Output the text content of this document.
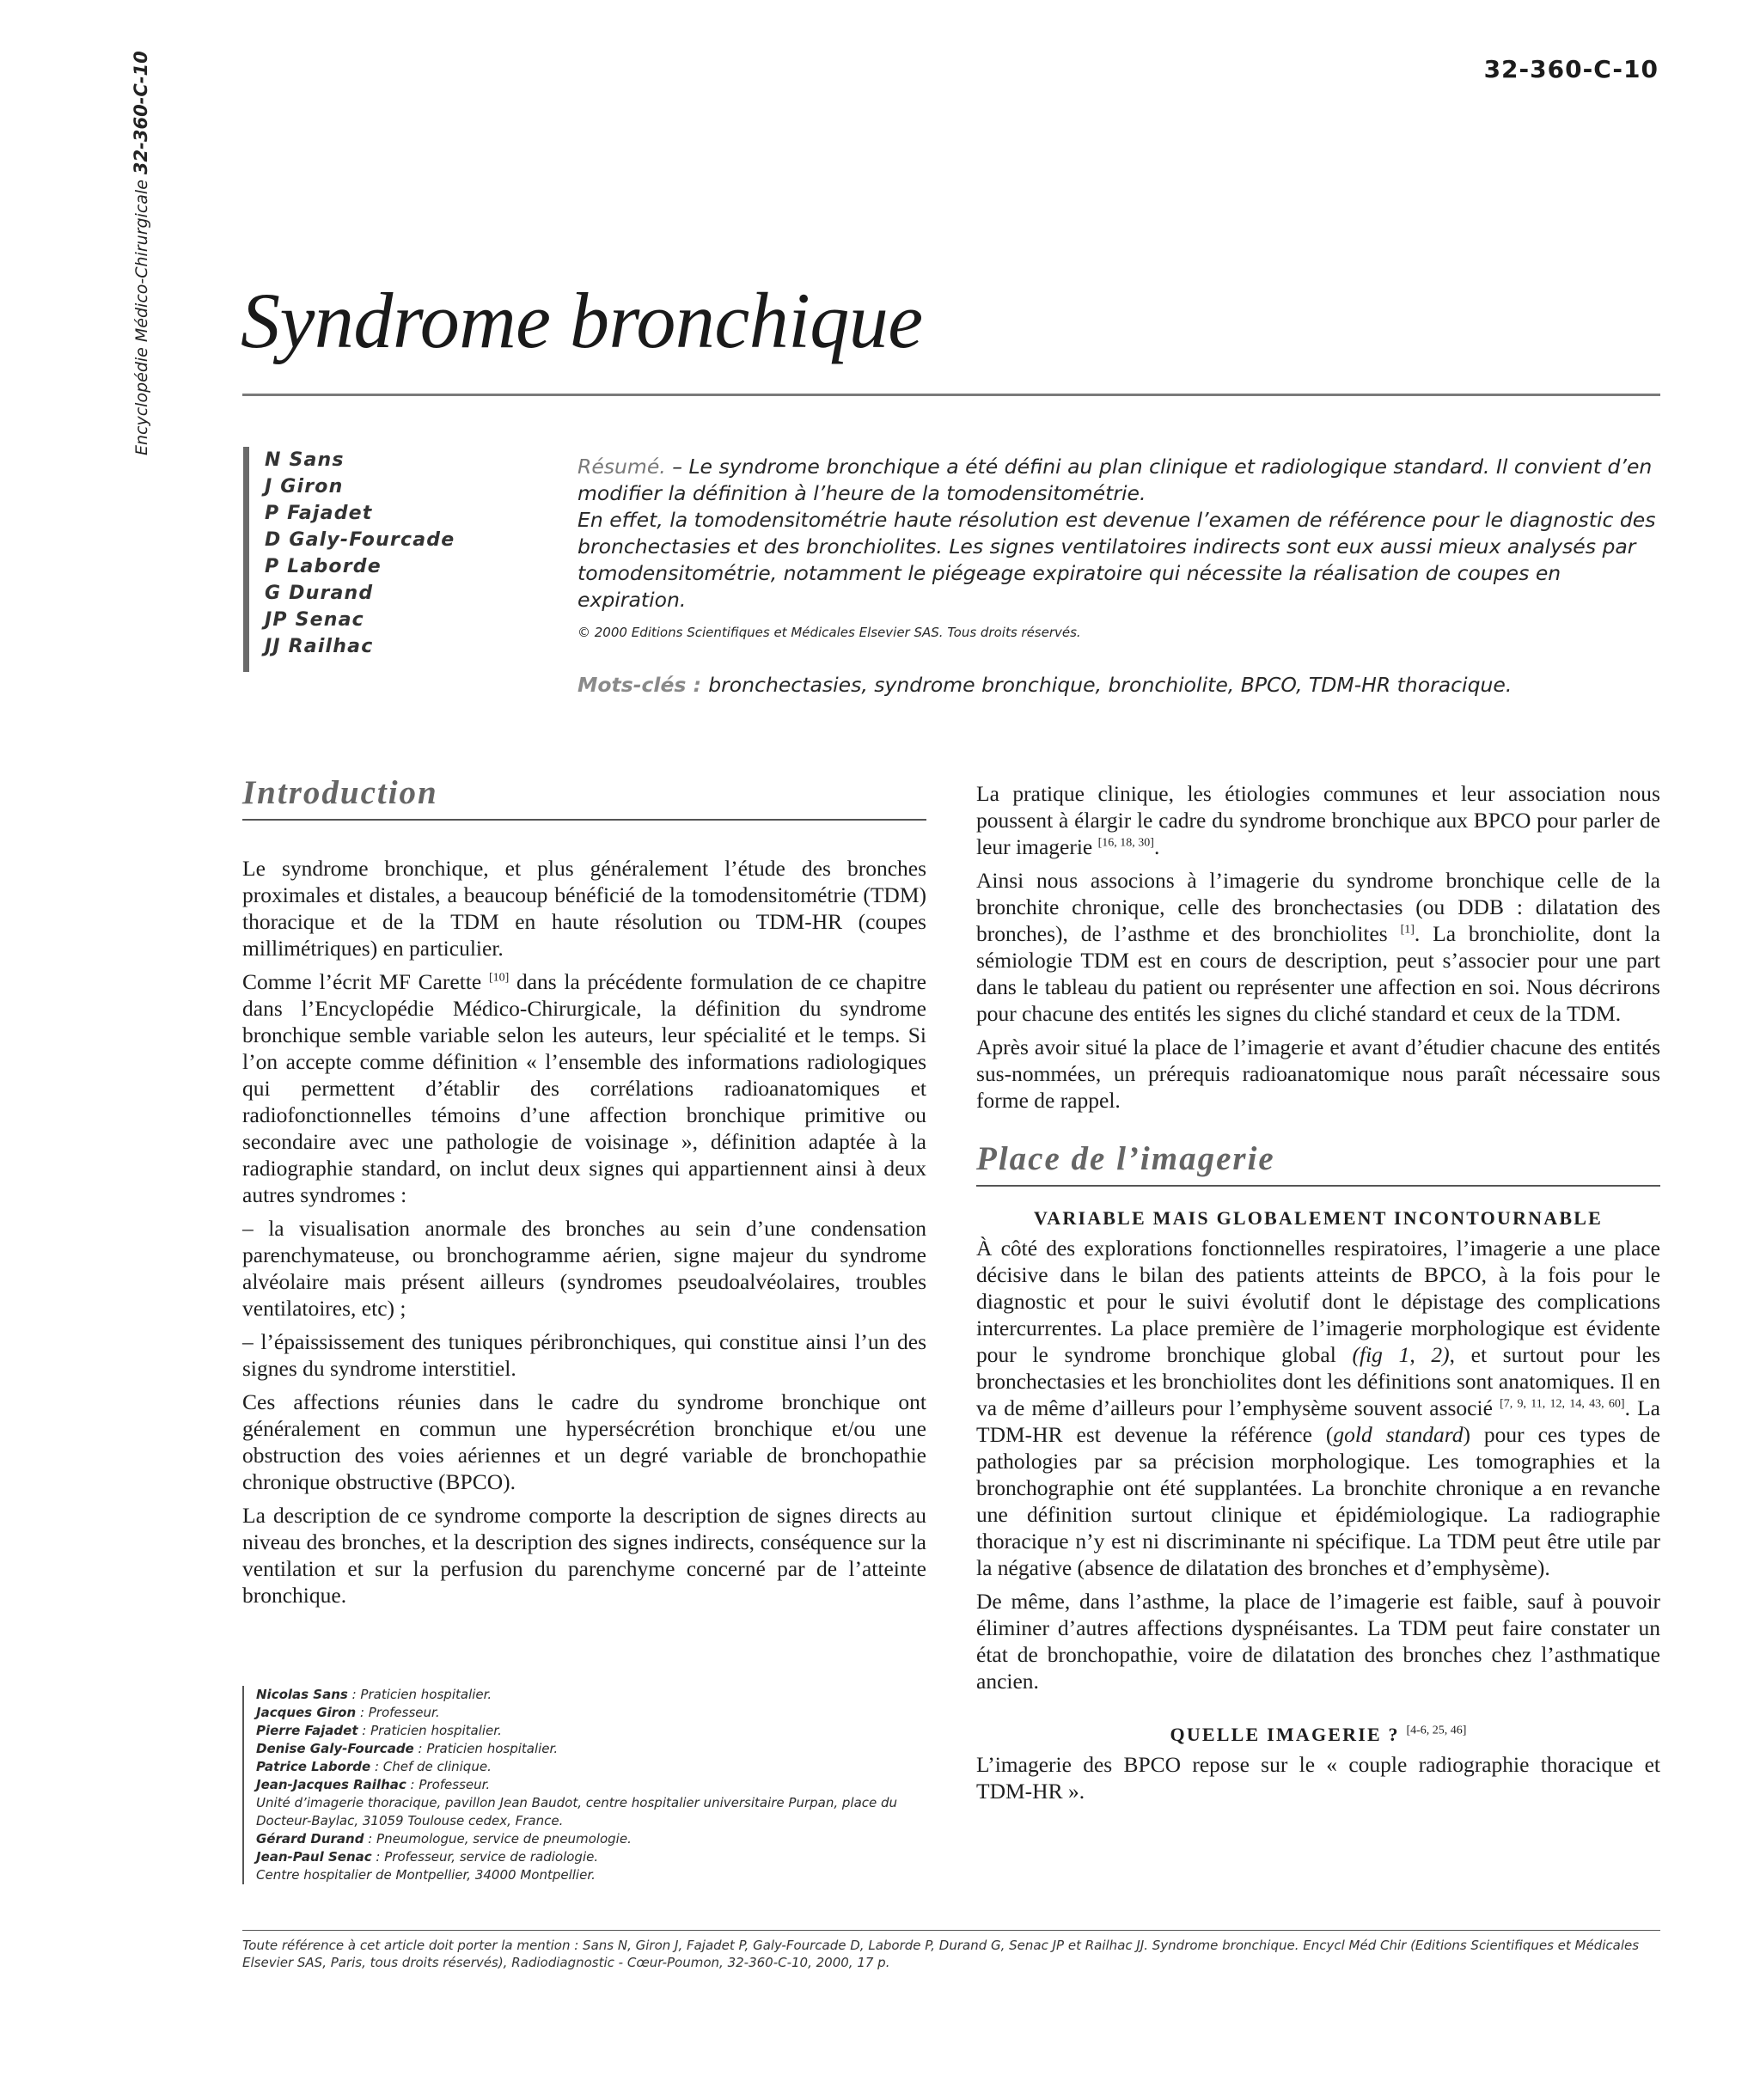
Encyclopédie Médico-Chirurgicale32-360-C-10	32-360-C-10
Syndrome bronchique
N Sans
J Giron
P Fajadet
D Galy-Fourcade
P Laborde
G Durand
JP Senac
JJ Railhac

Résumé. – Le syndrome bronchique a été défini au plan clinique et radiologique standard. Il convient d’en modifier la définition à l’heure de la tomodensitométrie.

En effet, la tomodensitométrie haute résolution est devenue l’examen de référence pour le diagnostic des bronchectasies et des bronchiolites. Les signes ventilatoires indirects sont eux aussi mieux analysés par tomodensitométrie, notamment le piégeage expiratoire qui nécessite la réalisation de coupes en expiration.

© 2000 Editions Scientifiques et Médicales Elsevier SAS. Tous droits réservés.

Mots-clés : bronchectasies, syndrome bronchique, bronchiolite, BPCO, TDM-HR thoracique.

Introduction

Le syndrome bronchique, et plus généralement l’étude des bronches proximales et distales, a beaucoup bénéficié de la tomodensitométrie (TDM) thoracique et de la TDM en haute résolution ou TDM-HR (coupes millimétriques) en particulier.

Comme l’écrit MF Carette [10] dans la précédente formulation de ce chapitre dans l’Encyclopédie Médico-Chirurgicale, la définition du syndrome bronchique semble variable selon les auteurs, leur spécialité et le temps. Si l’on accepte comme définition « l’ensemble des informations radiologiques qui permettent d’établir des corrélations radioanatomiques et radiofonctionnelles témoins d’une affection bronchique primitive ou secondaire avec une pathologie de voisinage », définition adaptée à la radiographie standard, on inclut deux signes qui appartiennent ainsi à deux autres syndromes :

– la visualisation anormale des bronches au sein d’une condensation parenchymateuse, ou bronchogramme aérien, signe majeur du syndrome alvéolaire mais présent ailleurs (syndromes pseudoalvéolaires, troubles ventilatoires, etc) ;

– l’épaississement des tuniques péribronchiques, qui constitue ainsi l’un des signes du syndrome interstitiel.

Ces affections réunies dans le cadre du syndrome bronchique ont généralement en commun une hypersécrétion bronchique et/ou une obstruction des voies aériennes et un degré variable de bronchopathie chronique obstructive (BPCO).

La description de ce syndrome comporte la description de signes directs au niveau des bronches, et la description des signes indirects, conséquence sur la ventilation et sur la perfusion du parenchyme concerné par de l’atteinte bronchique.

Nicolas Sans : Praticien hospitalier.
Jacques Giron : Professeur.
Pierre Fajadet : Praticien hospitalier.
Denise Galy-Fourcade : Praticien hospitalier.
Patrice Laborde : Chef de clinique.
Jean-Jacques Railhac : Professeur.
Unité d’imagerie thoracique, pavillon Jean Baudot, centre hospitalier universitaire Purpan, place du Docteur-Baylac, 31059 Toulouse cedex, France.
Gérard Durand : Pneumologue, service de pneumologie.
Jean-Paul Senac : Professeur, service de radiologie.
Centre hospitalier de Montpellier, 34000 Montpellier.

La pratique clinique, les étiologies communes et leur association nous poussent à élargir le cadre du syndrome bronchique aux BPCO pour parler de leur imagerie [16, 18, 30].

Ainsi nous associons à l’imagerie du syndrome bronchique celle de la bronchite chronique, celle des bronchectasies (ou DDB : dilatation des bronches), de l’asthme et des bronchiolites [1]. La bronchiolite, dont la sémiologie TDM est en cours de description, peut s’associer pour une part dans le tableau du patient ou représenter une affection en soi. Nous décrirons pour chacune des entités les signes du cliché standard et ceux de la TDM.

Après avoir situé la place de l’imagerie et avant d’étudier chacune des entités sus-nommées, un prérequis radioanatomique nous paraît nécessaire sous forme de rappel.

Place de l’imagerie
VARIABLE MAIS GLOBALEMENT INCONTOURNABLE

À côté des explorations fonctionnelles respiratoires, l’imagerie a une place décisive dans le bilan des patients atteints de BPCO, à la fois pour le diagnostic et pour le suivi évolutif dont le dépistage des complications intercurrentes. La place première de l’imagerie morphologique est évidente pour le syndrome bronchique global (fig 1, 2), et surtout pour les bronchectasies et les bronchiolites dont les définitions sont anatomiques. Il en va de même d’ailleurs pour l’emphysème souvent associé [7, 9, 11, 12, 14, 43, 60]. La TDM-HR est devenue la référence (gold standard) pour ces types de pathologies par sa précision morphologique. Les tomographies et la bronchographie ont été supplantées. La bronchite chronique a en revanche une définition surtout clinique et épidémiologique. La radiographie thoracique n’y est ni discriminante ni spécifique. La TDM peut être utile par la négative (absence de dilatation des bronches et d’emphysème).

De même, dans l’asthme, la place de l’imagerie est faible, sauf à pouvoir éliminer d’autres affections dyspnéisantes. La TDM peut faire constater un état de bronchopathie, voire de dilatation des bronches chez l’asthmatique ancien.

QUELLE IMAGERIE ? [4-6, 25, 46]

L’imagerie des BPCO repose sur le « couple radiographie thoracique et TDM-HR ».

Toute référence à cet article doit porter la mention : Sans N, Giron J, Fajadet P, Galy-Fourcade D, Laborde P, Durand G, Senac JP et Railhac JJ. Syndrome bronchique. Encycl Méd Chir (Editions Scientifiques et Médicales Elsevier SAS, Paris, tous droits réservés), Radiodiagnostic - Cœur-Poumon, 32-360-C-10, 2000, 17 p.
